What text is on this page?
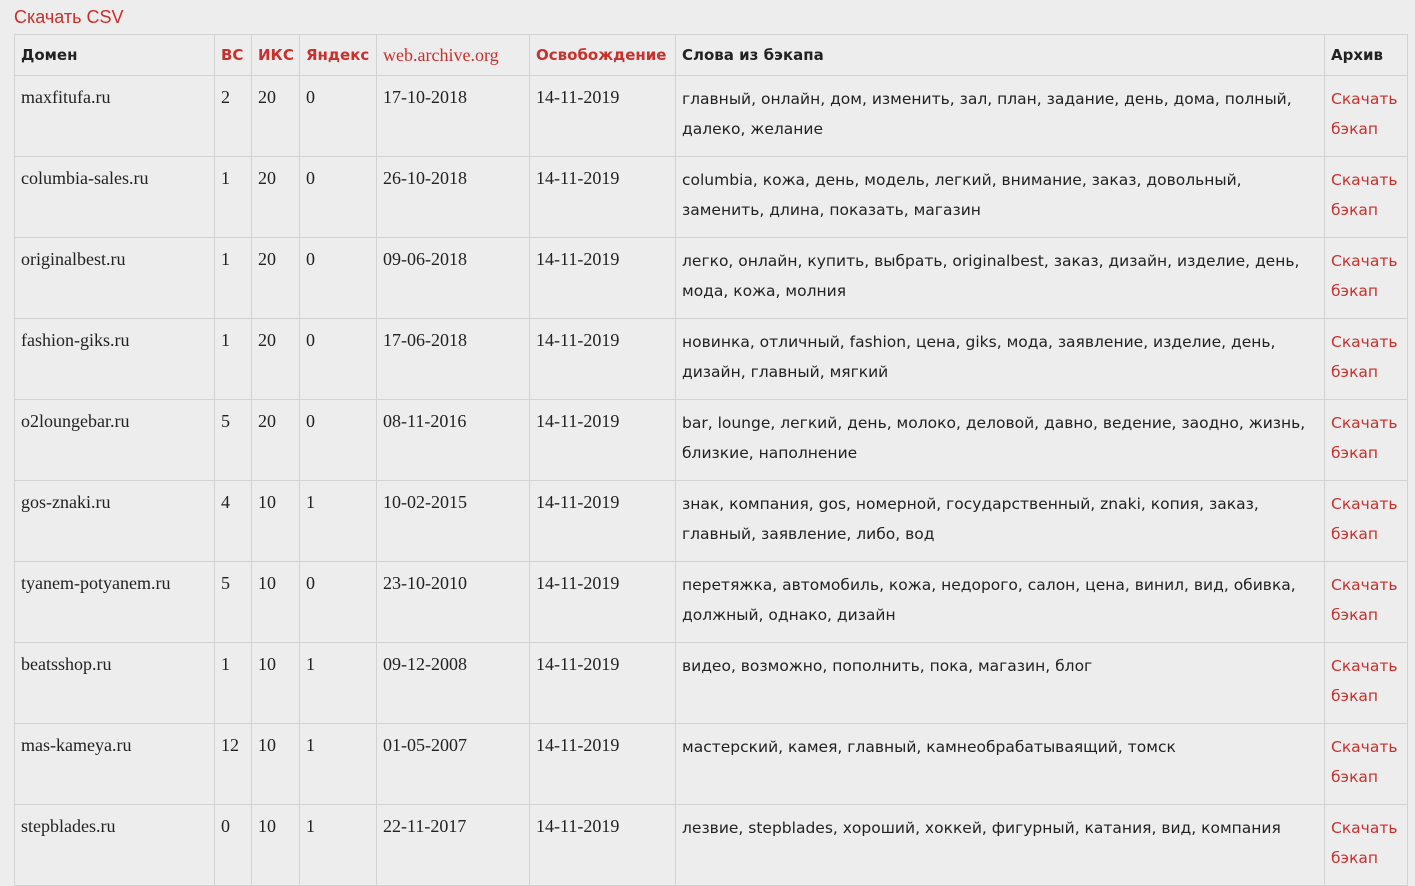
Скачать CSV
Домен	ВС	ИКС	Яндекс	web.archive.org	Освобождение	Слова из бэкапа	Архив
maxfitufa.ru	2	20	0	17-10-2018	14-11-2019	главный, онлайн, дом, изменить, зал, план, задание, день, дома, полный, далеко, желание	Скачать бэкап
columbia-sales.ru	1	20	0	26-10-2018	14-11-2019	columbia, кожа, день, модель, легкий, внимание, заказ, довольный, заменить, длина, показать, магазин	Скачать бэкап
originalbest.ru	1	20	0	09-06-2018	14-11-2019	легко, онлайн, купить, выбрать, originalbest, заказ, дизайн, изделие, день, мода, кожа, молния	Скачать бэкап
fashion-giks.ru	1	20	0	17-06-2018	14-11-2019	новинка, отличный, fashion, цена, giks, мода, заявление, изделие, день, дизайн, главный, мягкий	Скачать бэкап
o2loungebar.ru	5	20	0	08-11-2016	14-11-2019	bar, lounge, легкий, день, молоко, деловой, давно, ведение, заодно, жизнь, близкие, наполнение	Скачать бэкап
gos-znaki.ru	4	10	1	10-02-2015	14-11-2019	знак, компания, gos, номерной, государственный, znaki, копия, заказ, главный, заявление, либо, вод	Скачать бэкап
tyanem-potyanem.ru	5	10	0	23-10-2010	14-11-2019	перетяжка, автомобиль, кожа, недорого, салон, цена, винил, вид, обивка, должный, однако, дизайн	Скачать бэкап
beatsshop.ru	1	10	1	09-12-2008	14-11-2019	видео, возможно, пополнить, пока, магазин, блог	Скачать бэкап
mas-kameya.ru	12	10	1	01-05-2007	14-11-2019	мастерский, камея, главный, камнеобрабатываящий, томск	Скачать бэкап
stepblades.ru	0	10	1	22-11-2017	14-11-2019	лезвие, stepblades, хороший, хоккей, фигурный, катания, вид, компания	Скачать бэкап
